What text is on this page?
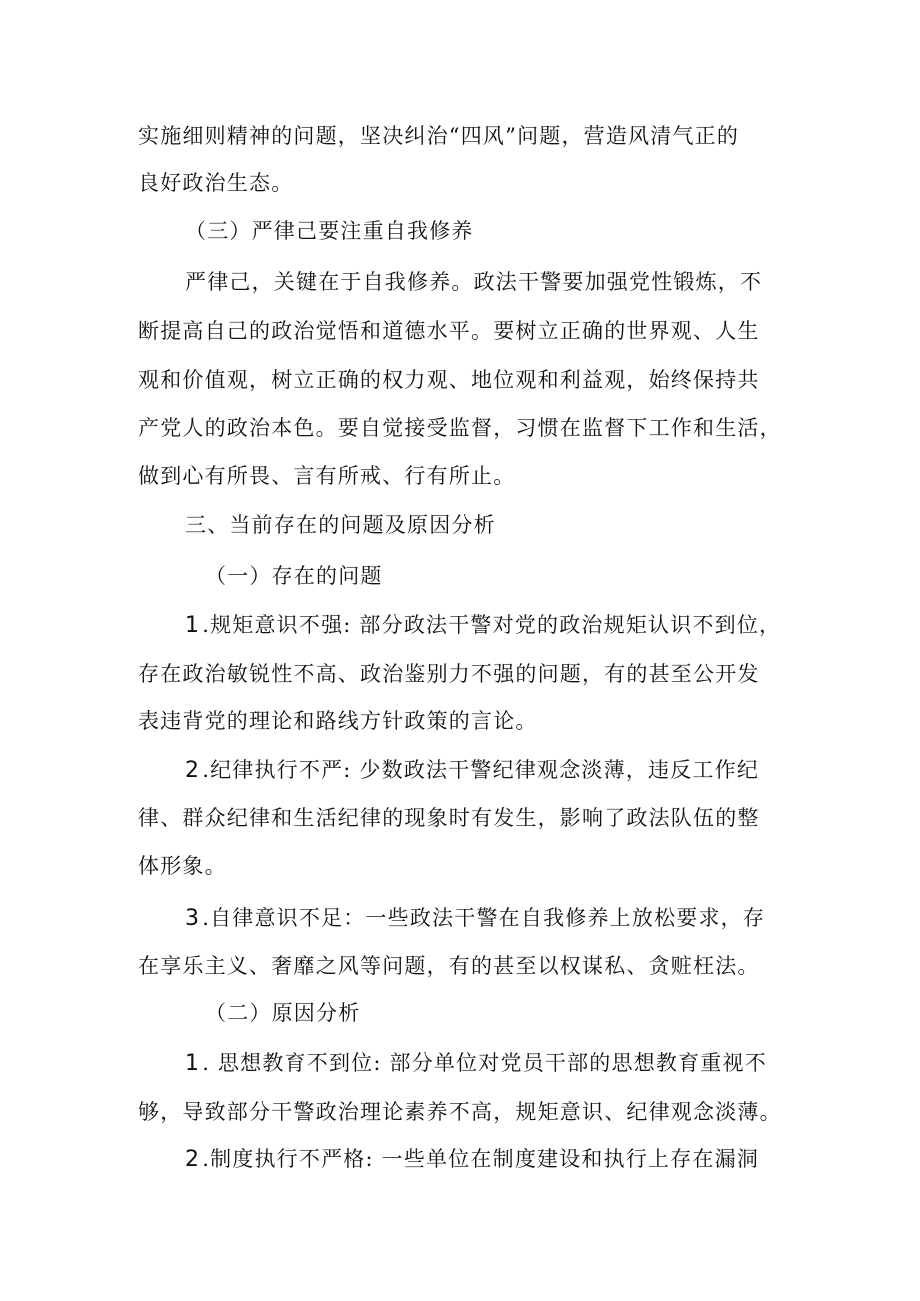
实施细则精神的问题，坚决纠治“四风”问题，营造风清气正的
良好政治生态。
（三）严律己要注重自我修养
严律己，关键在于自我修养。政法干警要加强党性锻炼，不
断提高自己的政治觉悟和道德水平。要树立正确的世界观、人生
观和价值观，树立正确的权力观、地位观和利益观，始终保持共
产党人的政治本色。要自觉接受监督，习惯在监督下工作和生活，
做到心有所畏、言有所戒、行有所止。
三、当前存在的问题及原因分析
（一）存在的问题
1.规矩意识不强: 部分政法干警对党的政治规矩认识不到位，
存在政治敏锐性不高、政治鉴别力不强的问题，有的甚至公开发
表违背党的理论和路线方针政策的言论。
2.纪律执行不严: 少数政法干警纪律观念淡薄，违反工作纪
律、群众纪律和生活纪律的现象时有发生，影响了政法队伍的整
体形象。
3.自律意识不足：一些政法干警在自我修养上放松要求，存
在享乐主义、奢靡之风等问题，有的甚至以权谋私、贪赃枉法。
（二）原因分析
1. 思想教育不到位: 部分单位对党员干部的思想教育重视不
够，导致部分干警政治理论素养不高，规矩意识、纪律观念淡薄。
2.制度执行不严格: 一些单位在制度建设和执行上存在漏洞
